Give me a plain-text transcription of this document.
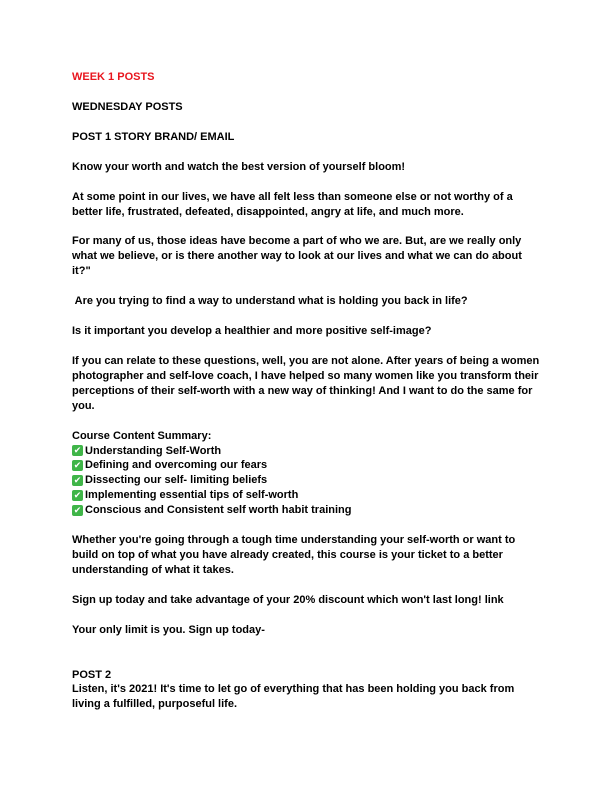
WEEK 1 POSTS

WEDNESDAY POSTS

POST 1 STORY BRAND/ EMAIL

Know your worth and watch the best version of yourself bloom!

At some point in our lives, we have all felt less than someone else or not worthy of a better life, frustrated, defeated, disappointed, angry at life, and much more.

For many of us, those ideas have become a part of who we are. But, are we really only what we believe, or is there another way to look at our lives and what we can do about it?"

Are you trying to find a way to understand what is holding you back in life?

Is it important you develop a healthier and more positive self-image?

If you can relate to these questions, well, you are not alone. After years of being a women photographer and self-love coach, I have helped so many women like you transform their perceptions of their self-worth with a new way of thinking! And I want to do the same for you.

Course Content Summary:

✔ Understanding Self-Worth
✔ Defining and overcoming our fears
✔ Dissecting our self- limiting beliefs
✔ Implementing essential tips of self-worth
✔ Conscious and Consistent self worth habit training

Whether you're going through a tough time understanding your self-worth or want to build on top of what you have already created, this course is your ticket to a better understanding of what it takes.

Sign up today and take advantage of your 20% discount which won't last long! link

Your only limit is you. Sign up today-

POST 2

Listen, it's 2021! It's time to let go of everything that has been holding you back from living a fulfilled, purposeful life.
